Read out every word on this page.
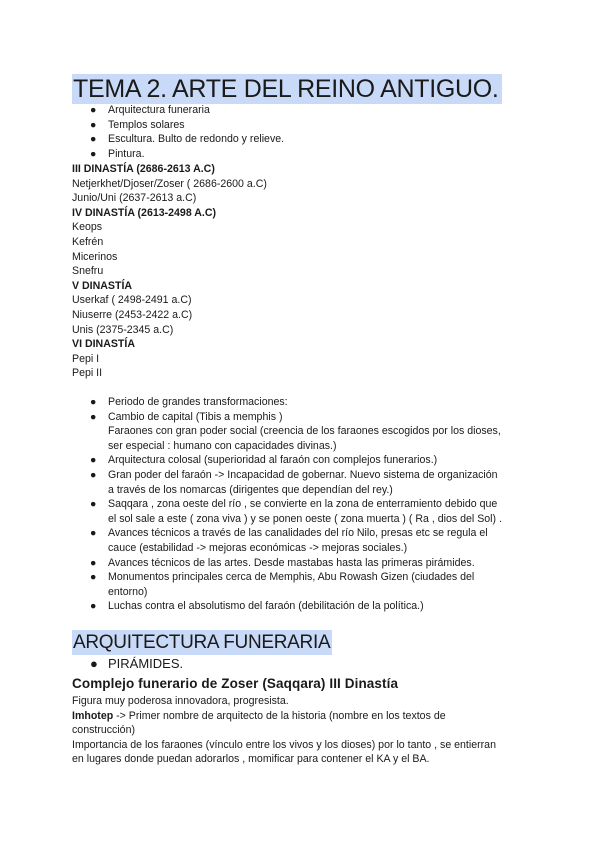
TEMA 2. ARTE DEL REINO ANTIGUO.
● Arquitectura funeraria
● Templos solares
● Escultura. Bulto de redondo y relieve.
● Pintura.
III DINASTÍA (2686-2613 A.C)
Netjerkhet/Djoser/Zoser ( 2686-2600 a.C)
Junio/Uni (2637-2613 a.C)
IV DINASTÍA (2613-2498 A.C)
Keops
Kefrén
Micerinos
Snefru
V DINASTÍA
Userkaf ( 2498-2491 a.C)
Niuserre (2453-2422 a.C)
Unis (2375-2345 a.C)
VI DINASTÍA
Pepi I
Pepi II
● Periodo de grandes transformaciones:
● Cambio de capital (Tibis a memphis )
Faraones con gran poder social (creencia de los faraones escogidos por los dioses,
ser especial : humano con capacidades divinas.)
● Arquitectura colosal (superioridad al faraón con complejos funerarios.)
● Gran poder del faraón -> Incapacidad de gobernar. Nuevo sistema de organización
a través de los nomarcas (dirigentes que dependían del rey.)
● Saqqara , zona oeste del río , se convierte en la zona de enterramiento debido que
el sol sale a este ( zona viva ) y se ponen oeste ( zona muerta ) ( Ra , dios del Sol) .
● Avances técnicos a través de las canalidades del río Nilo, presas etc se regula el
cauce (estabilidad -> mejoras económicas -> mejoras sociales.)
● Avances técnicos de las artes. Desde mastabas hasta las primeras pirámides.
● Monumentos principales cerca de Memphis, Abu Rowash Gizen (ciudades del
entorno)
● Luchas contra el absolutismo del faraón (debilitación de la política.)
ARQUITECTURA FUNERARIA
● PIRÁMIDES.
Complejo funerario de Zoser (Saqqara) III Dinastía
Figura muy poderosa innovadora, progresista.
Imhotep -> Primer nombre de arquitecto de la historia (nombre en los textos de
construcción)
Importancia de los faraones (vínculo entre los vivos y los dioses) por lo tanto , se entierran
en lugares donde puedan adorarlos , momificar para contener el KA y el BA.
